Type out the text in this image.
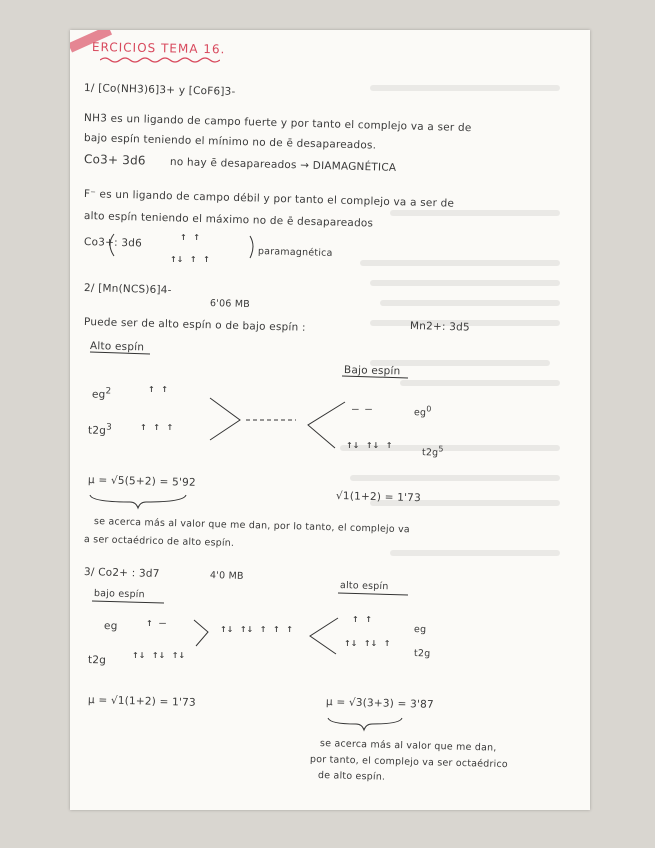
ERCICIOS TEMA 16.
1/ [Co(NH3)6]3+ y [CoF6]3-
NH3 es un ligando de campo fuerte y por tanto el complejo va a ser de
bajo espín teniendo el mínimo no de ē desapareados.
Co3+ 3d6 no hay ē desapareados → DIAMAGNÉTICA
F⁻ es un ligando de campo débil y por tanto el complejo va a ser de
alto espín teniendo el máximo no de ē desapareados
Co3+: 3d6	↑ ↑
↑↓ ↑ ↑	paramagnética
2/ [Mn(NCS)6]4-
6'06 MB
Puede ser de alto espín o de bajo espín :	Mn2+: 3d5
Alto espín
Bajo espín
$eg^2$	↑ ↑
$t2g^3$	↑ ↑ ↑
— —	$eg^0$
↑↓ ↑↓ ↑
$t2g^5$
μ = √5(5+2) = 5'92
√1(1+2) = 1'73
se acerca más al valor que me dan, por lo tanto, el complejo va
a ser octaédrico de alto espín.
3/ Co2+ : 3d7	4'0 MB
bajo espín
alto espín
eg	↑ —
t2g ↑↓ ↑↓ ↑↓
↑↓ ↑↓ ↑ ↑ ↑
↑ ↑
eg
↑↓ ↑↓ ↑
t2g
μ = √1(1+2) = 1'73	μ = √3(3+3) = 3'87
se acerca más al valor que me dan,
por tanto, el complejo va ser octaédrico
de alto espín.
